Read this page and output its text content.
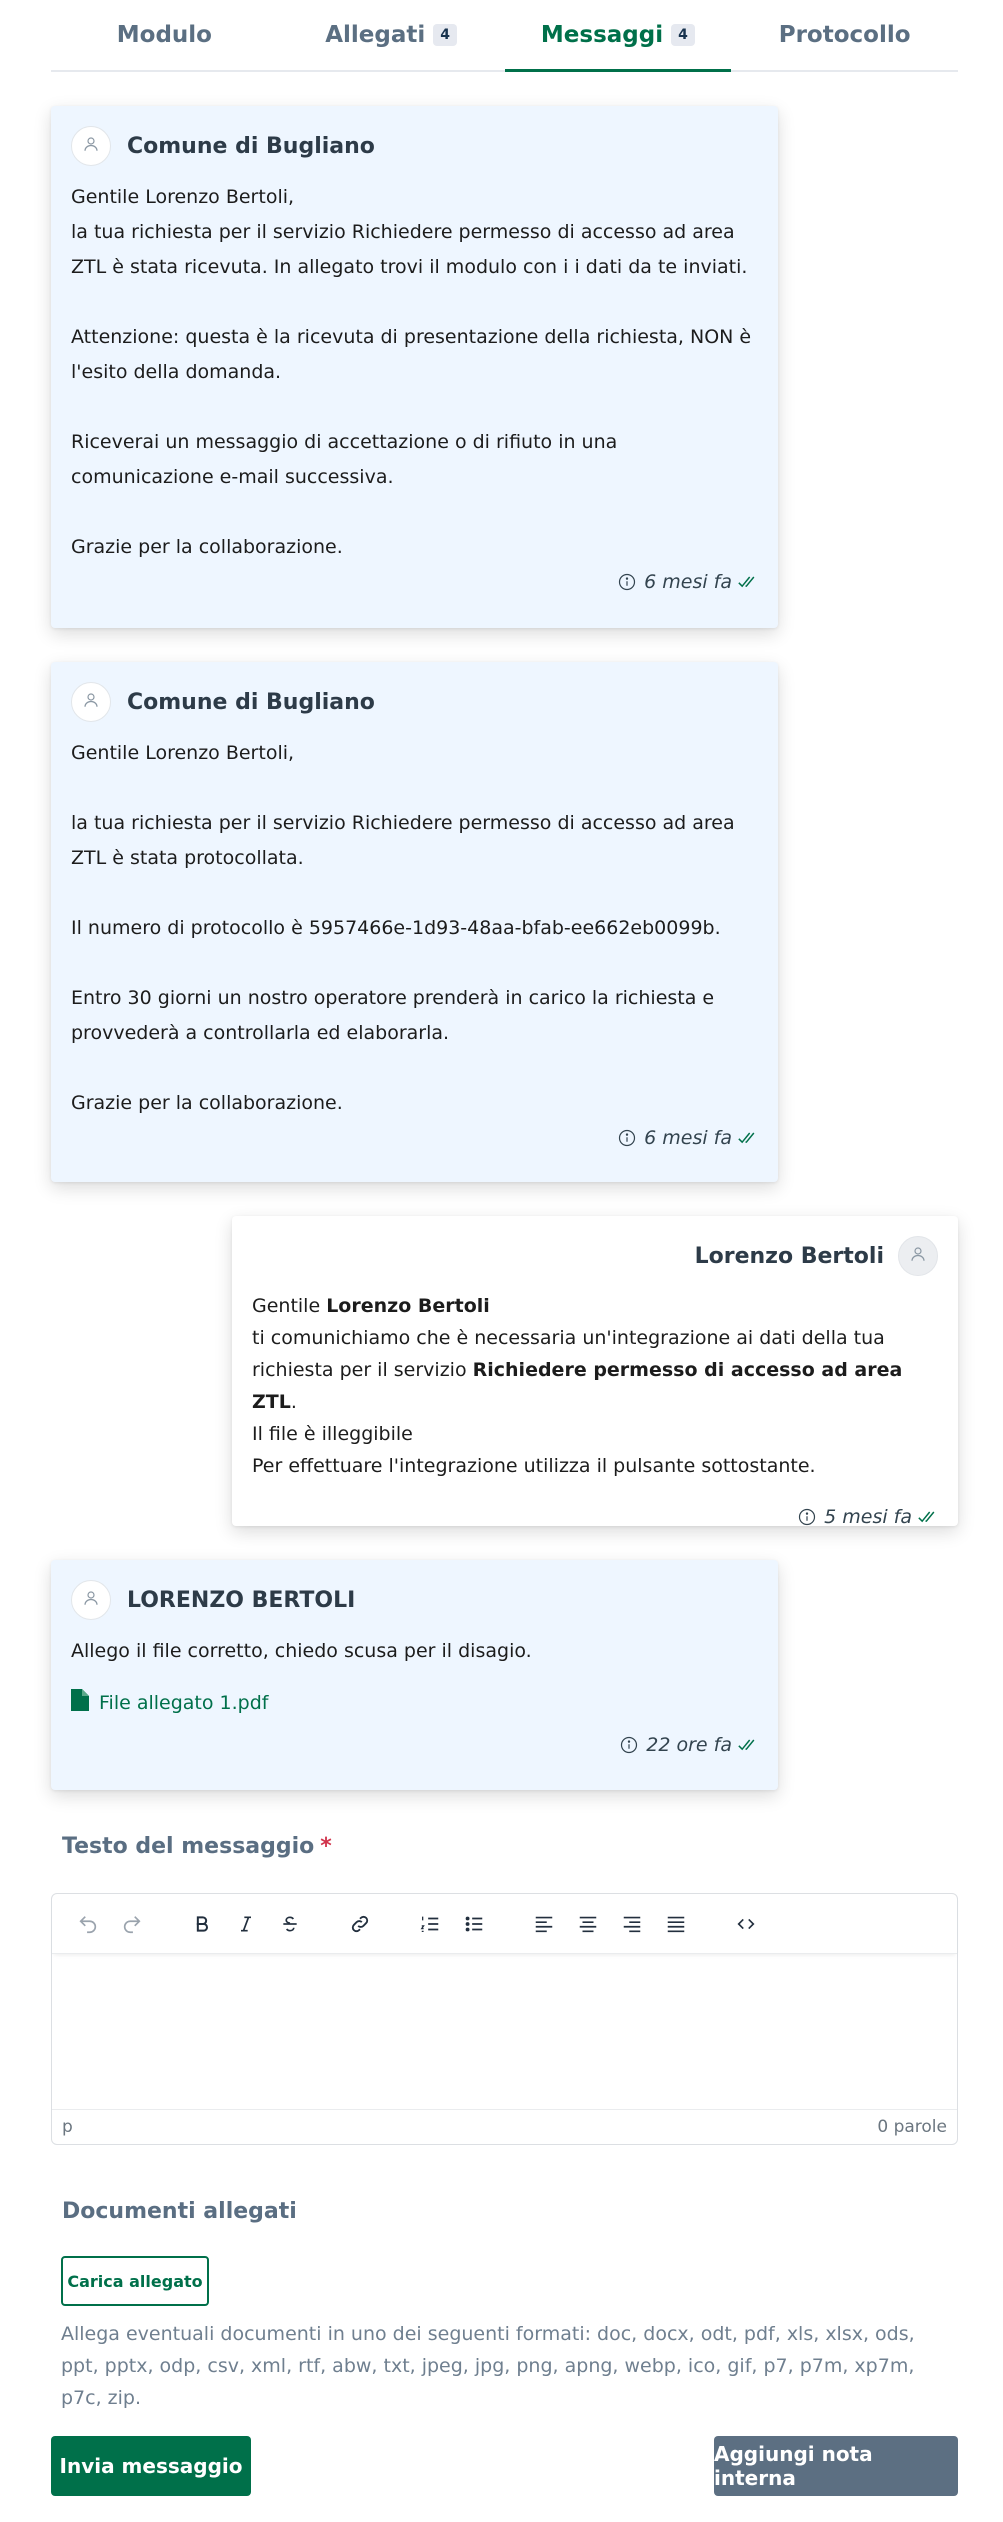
Modulo	Allegati	4	Messaggi	4	Protocollo
Comune di Bugliano

Gentile Lorenzo Bertoli,

la tua richiesta per il servizio Richiedere permesso di accesso ad area ZTL è stata ricevuta. In allegato trovi il modulo con i i dati da te inviati.

Attenzione: questa è la ricevuta di presentazione della richiesta, NON è l'esito della domanda.

Riceverai un messaggio di accettazione o di rifiuto in una comunicazione e-mail successiva.

Grazie per la collaborazione.

6 mesi fa
Comune di Bugliano

Gentile Lorenzo Bertoli,

la tua richiesta per il servizio Richiedere permesso di accesso ad area ZTL è stata protocollata.

Il numero di protocollo è 5957466e-1d93-48aa-bfab-ee662eb0099b.

Entro 30 giorni un nostro operatore prenderà in carico la richiesta e provvederà a controllarla ed elaborarla.

Grazie per la collaborazione.

6 mesi fa
Lorenzo Bertoli
Gentile Lorenzo Bertoli
ti comunichiamo che è necessaria un'integrazione ai dati della tua richiesta per il servizio Richiedere permesso di accesso ad area ZTL.
Il file è illeggibile
Per effettuare l'integrazione utilizza il pulsante sottostante.
5 mesi fa
LORENZO BERTOLI

Allego il file corretto, chiedo scusa per il disagio.

File allegato 1.pdf
22 ore fa
Testo del messaggio *
p	0 parole
Documenti allegati
Carica allegato
Allega eventuali documenti in uno dei seguenti formati: doc, docx, odt, pdf, xls, xlsx, ods, ppt, pptx, odp, csv, xml, rtf, abw, txt, jpeg, jpg, png, apng, webp, ico, gif, p7, p7m, xp7m, p7c, zip.
Invia messaggio	Aggiungi nota interna
